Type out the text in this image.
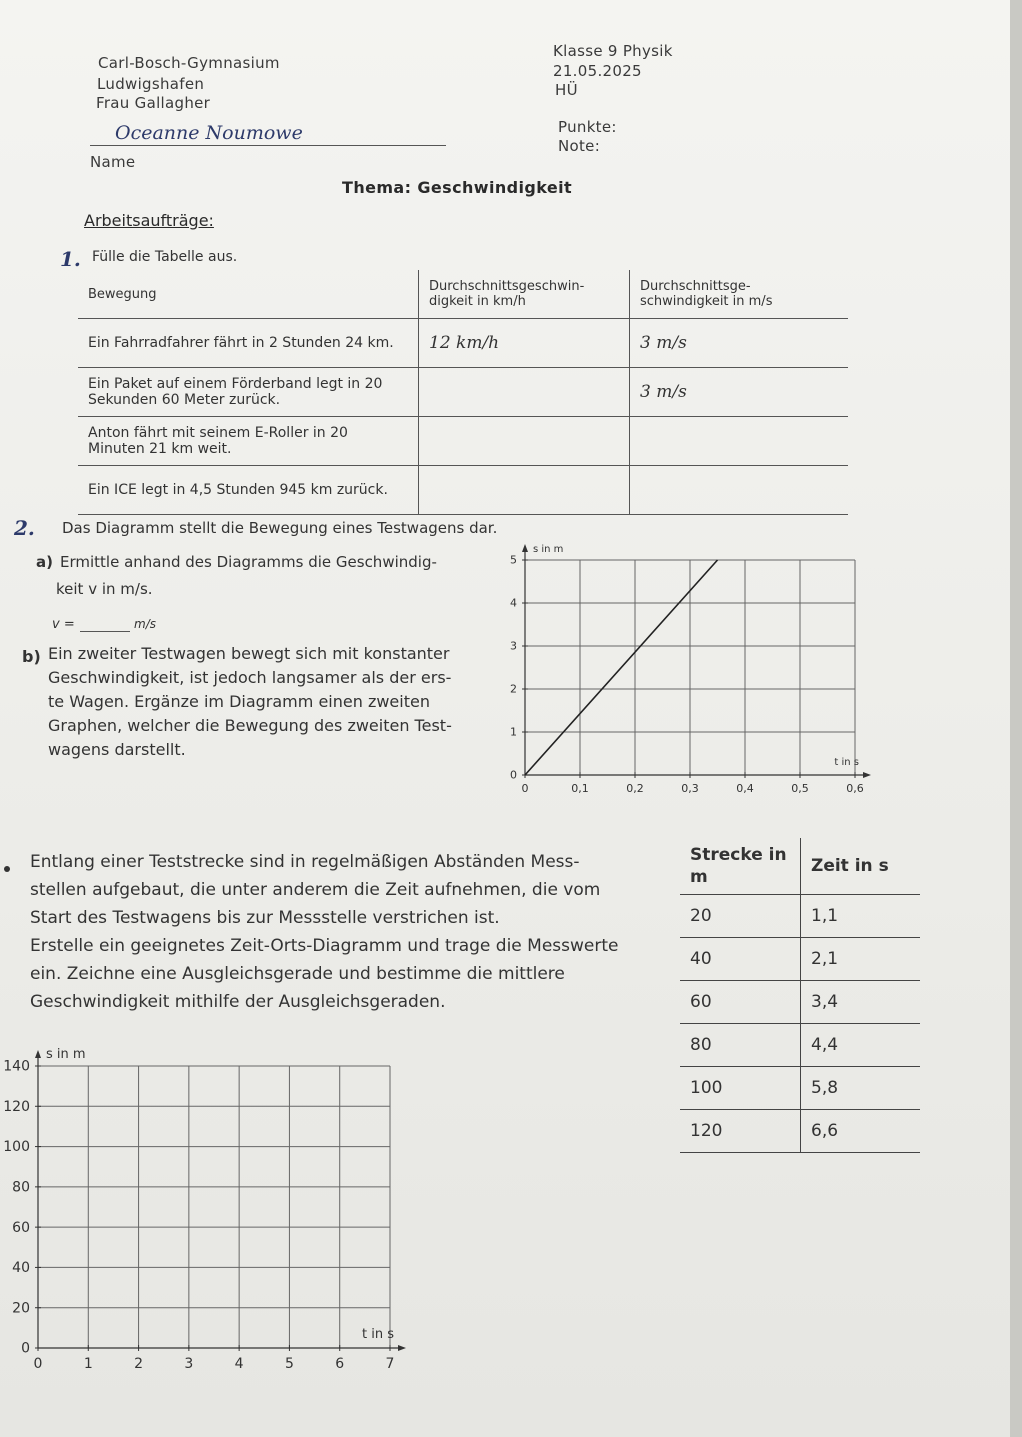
Carl-Bosch-Gymnasium
Ludwigshafen
Frau Gallagher
Klasse 9 Physik
21.05.2025
HÜ
Punkte:
Note:
Oceanne Noumowe
Name
Thema: Geschwindigkeit
Arbeitsaufträge:
1. Fülle die Tabelle aus.
Bewegung	Durchschnittsgeschwin-digkeit in km/h	Durchschnittsge-schwindigkeit in m/s
Ein Fahrradfahrer fährt in 2 Stunden 24 km.	12 km/h	3 m/s
Ein Paket auf einem Förderband legt in 20 Sekunden 60 Meter zurück.		3 m/s
Anton fährt mit seinem E-Roller in 20 Minuten 21 km weit.		
Ein ICE legt in 4,5 Stunden 945 km zurück.		
2. Das Diagramm stellt die Bewegung eines Testwagens dar.
a) Ermittle anhand des Diagramms die Geschwindig-
keit v in m/s.
v =	m/s
b) Ein zweiter Testwagen bewegt sich mit konstanter
Geschwindigkeit, ist jedoch langsamer als der ers-
te Wagen. Ergänze im Diagramm einen zweiten
Graphen, welcher die Bewegung des zweiten Test-
wagens darstellt.
0	0,1	0,2	0,3	0,4	0,5	0,6
0
1
2
3
4
5
s in m
t in s
Entlang einer Teststrecke sind in regelmäßigen Abständen Mess-
stellen aufgebaut, die unter anderem die Zeit aufnehmen, die vom
Start des Testwagens bis zur Messstelle verstrichen ist.
Erstelle ein geeignetes Zeit-Orts-Diagramm und trage die Messwerte
ein. Zeichne eine Ausgleichsgerade und bestimme die mittlere
Geschwindigkeit mithilfe der Ausgleichsgeraden.
Strecke in m	Zeit in s
20	1,1
40	2,1
60	3,4
80	4,4
100	5,8
120	6,6
0	1	2	3	4	5	6	7
0
20
40
60
80
100
120
140
s in m
t in s
